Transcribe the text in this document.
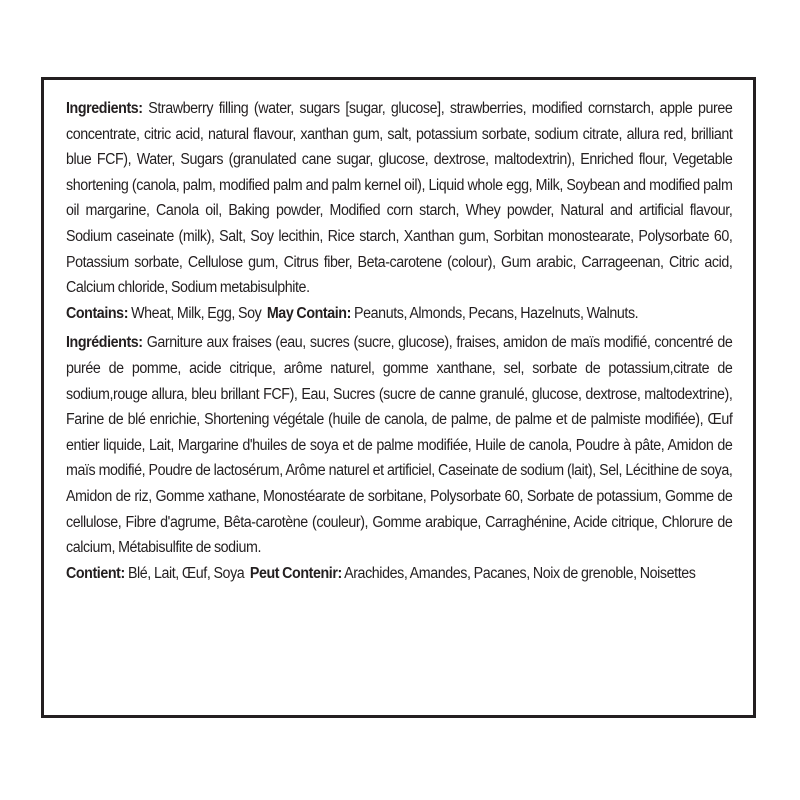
Ingredients: Strawberry filling (water, sugars [sugar, glucose], strawberries, modified cornstarch, apple puree concentrate, citric acid, natural flavour, xanthan gum, salt, potassium sorbate, sodium citrate, allura red, brilliant blue FCF), Water, Sugars (granulated cane sugar, glucose, dextrose, maltodextrin), Enriched flour, Vegetable shortening (canola, palm, modified palm and palm kernel oil), Liquid whole egg, Milk, Soybean and modified palm oil margarine, Canola oil, Baking powder, Modified corn starch, Whey powder, Natural and artificial flavour, Sodium caseinate (milk), Salt, Soy lecithin, Rice starch, Xanthan gum, Sorbitan monostearate, Polysorbate 60, Potassium sorbate, Cellulose gum, Citrus fiber, Beta-carotene (colour), Gum arabic, Carrageenan, Citric acid, Calcium chloride, Sodium metabisulphite.

Contains: Wheat, Milk, Egg, Soy May Contain: Peanuts, Almonds, Pecans, Hazelnuts, Walnuts.

Ingrédients: Garniture aux fraises (eau, sucres (sucre, glucose), fraises, amidon de maïs modifié, concentré de purée de pomme, acide citrique, arôme naturel, gomme xanthane, sel, sorbate de potassium,citrate de sodium,rouge allura, bleu brillant FCF), Eau, Sucres (sucre de canne granulé, glucose, dextrose, maltodextrine), Farine de blé enrichie, Shortening végétale (huile de canola, de palme, de palme et de palmiste modifiée), Œuf entier liquide, Lait, Margarine d'huiles de soya et de palme modifiée, Huile de canola, Poudre à pâte, Amidon de maïs modifié, Poudre de lactosérum, Arôme naturel et artificiel, Caseinate de sodium (lait), Sel, Lécithine de soya, Amidon de riz, Gomme xathane, Monostéarate de sorbitane, Polysorbate 60, Sorbate de potassium, Gomme de cellulose, Fibre d'agrume, Bêta-carotène (couleur), Gomme arabique, Carraghénine, Acide citrique, Chlorure de calcium, Métabisulfite de sodium.

Contient: Blé, Lait, Œuf, Soya Peut Contenir: Arachides, Amandes, Pacanes, Noix de grenoble, Noisettes
